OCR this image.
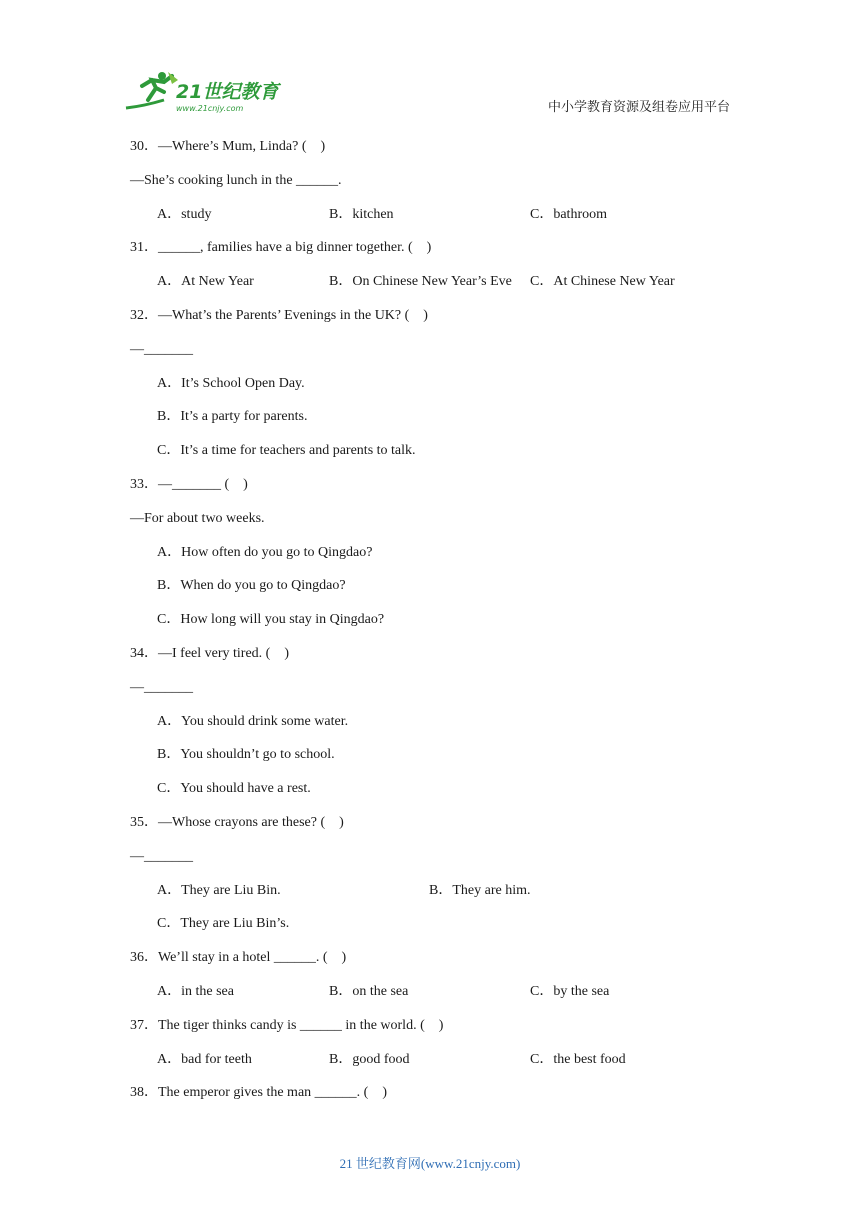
21世纪教育
www.21cnjy.com	中小学教育资源及组卷应用平台
30．—Where’s Mum, Linda? (　)
—She’s cooking lunch in the ______.
A．study	B．kitchen	C．bathroom
31．______, families have a big dinner together. (　)
A．At New Year	B．On Chinese New Year’s Eve C．At Chinese New Year
32．—What’s the Parents’ Evenings in the UK? (　)
—_______
A．It’s School Open Day.
B．It’s a party for parents.
C．It’s a time for teachers and parents to talk.
33．—_______ (　)
—For about two weeks.
A．How often do you go to Qingdao?
B．When do you go to Qingdao?
C．How long will you stay in Qingdao?
34．—I feel very tired. (　)
—_______
A．You should drink some water.
B．You shouldn’t go to school.
C．You should have a rest.
35．—Whose crayons are these? (　)
—_______
A．They are Liu Bin.	B．They are him.
C．They are Liu Bin’s.
36．We’ll stay in a hotel ______. (　)
A．in the sea	B．on the sea	C．by the sea
37．The tiger thinks candy is ______ in the world. (　)
A．bad for teeth	B．good food	C．the best food
38．The emperor gives the man ______. (　)
21 世纪教育网(www.21cnjy.com)
